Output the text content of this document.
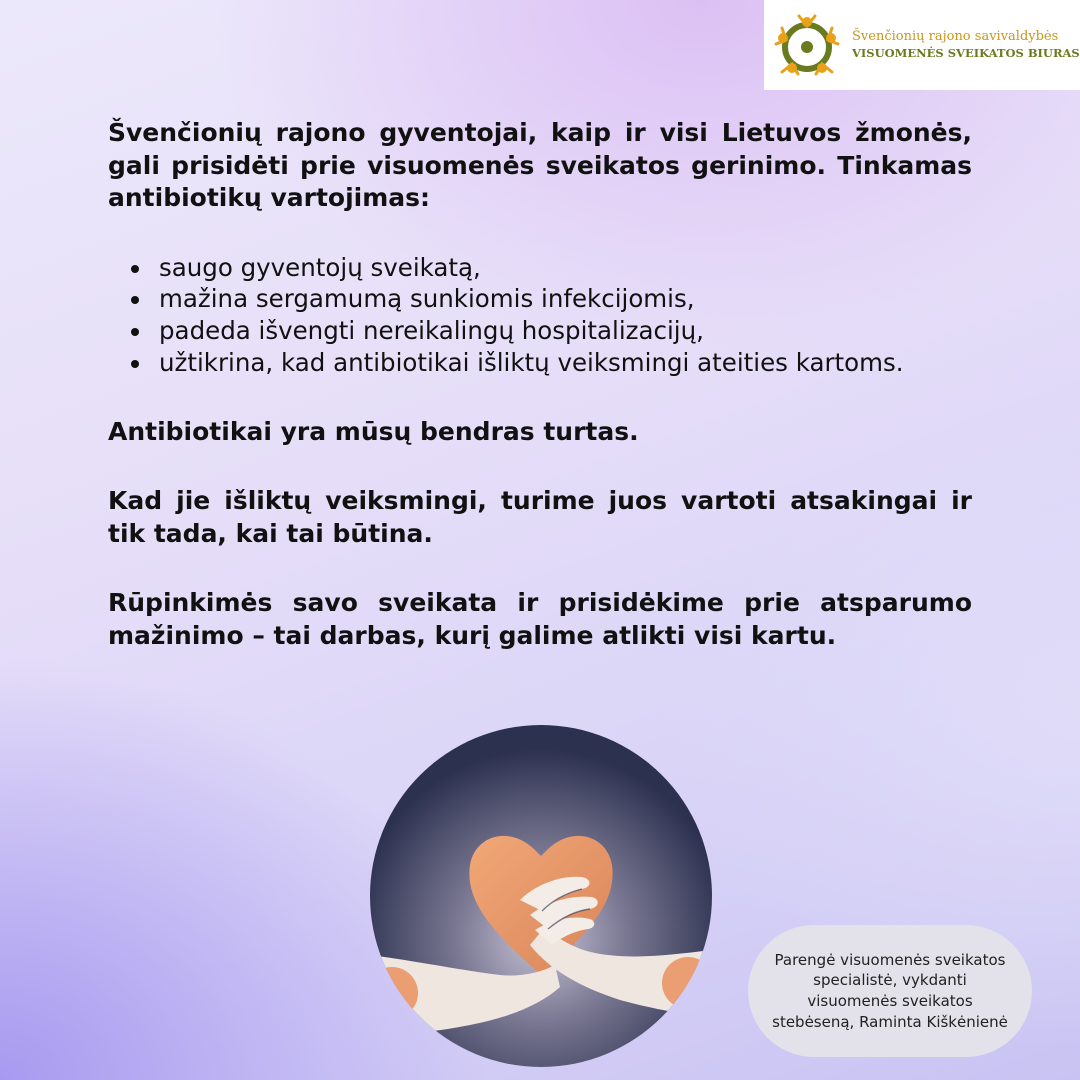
Švenčionių rajono savivaldybės
VISUOMENĖS SVEIKATOS BIURAS

Švenčionių rajono gyventojai, kaip ir visi Lietuvos žmonės, gali prisidėti prie visuomenės sveikatos gerinimo. Tinkamas antibiotikų vartojimas:

saugo gyventojų sveikatą,
mažina sergamumą sunkiomis infekcijomis,
padeda išvengti nereikalingų hospitalizacijų,
užtikrina, kad antibiotikai išliktų veiksmingi ateities kartoms.

Antibiotikai yra mūsų bendras turtas.

Kad jie išliktų veiksmingi, turime juos vartoti atsakingai ir tik tada, kai tai būtina.

Rūpinkimės savo sveikata ir prisidėkime prie atsparumo mažinimo – tai darbas, kurį galime atlikti visi kartu.

Parengė visuomenės sveikatos specialistė, vykdanti visuomenės sveikatos stebėseną, Raminta Kiškėnienė
